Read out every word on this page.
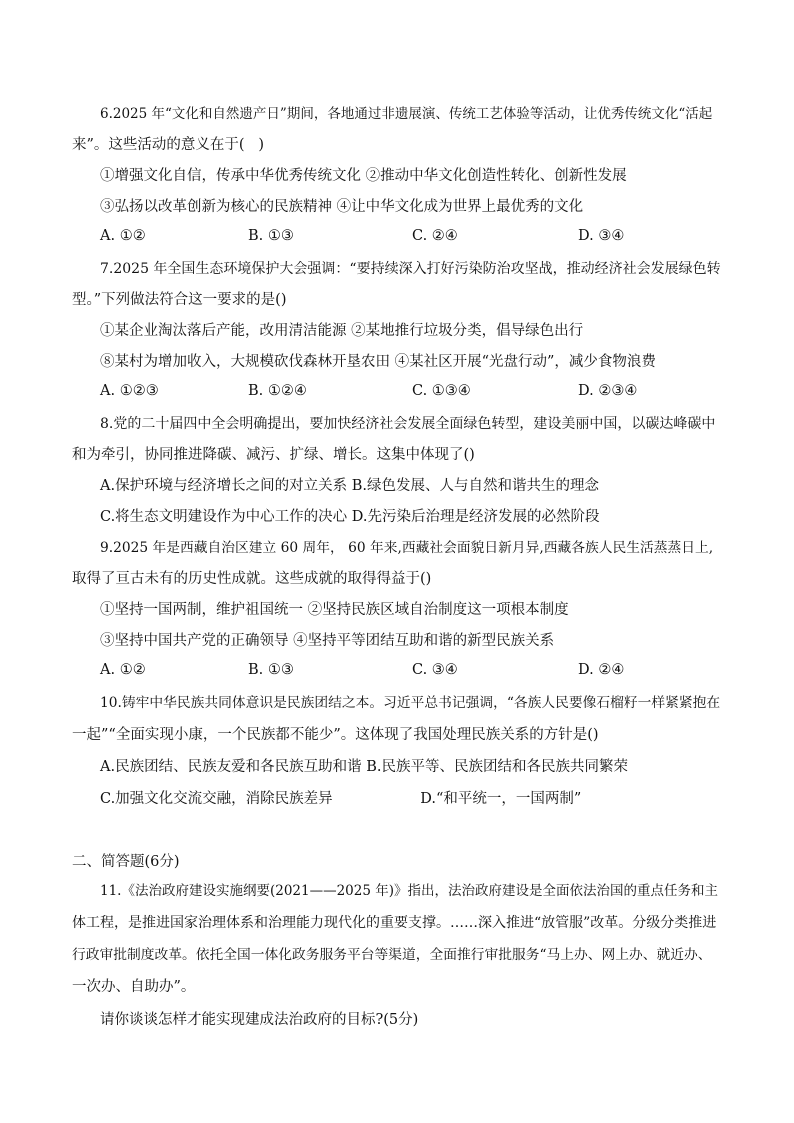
6.2025 年“文化和自然遗产日”期间，各地通过非遗展演、传统工艺体验等活动，让优秀传统文化“活起
来”。这些活动的意义在于(   )
①增强文化自信，传承中华优秀传统文化 ②推动中华文化创造性转化、创新性发展
③弘扬以改革创新为核心的民族精神 ④让中华文化成为世界上最优秀的文化
A. ①②	B. ①③	C. ②④	D. ③④
7.2025 年全国生态环境保护大会强调：“要持续深入打好污染防治攻坚战，推动经济社会发展绿色转
型。”下列做法符合这一要求的是()
①某企业淘汰落后产能，改用清洁能源 ②某地推行垃圾分类，倡导绿色出行
⑧某村为增加收入，大规模砍伐森林开垦农田 ④某社区开展“光盘行动”，减少食物浪费
A. ①②③	B. ①②④	C. ①③④	D. ②③④
8.党的二十届四中全会明确提出，要加快经济社会发展全面绿色转型，建设美丽中国，以碳达峰碳中
和为牵引，协同推进降碳、减污、扩绿、增长。这集中体现了()
A.保护环境与经济增长之间的对立关系 B.绿色发展、人与自然和谐共生的理念
C.将生态文明建设作为中心工作的决心 D.先污染后治理是经济发展的必然阶段
9.2025 年是西藏自治区建立 60 周年， 60 年来,西藏社会面貌日新月异,西藏各族人民生活蒸蒸日上,
取得了亘古未有的历史性成就。这些成就的取得得益于()
①坚持一国两制，维护祖国统一 ②坚持民族区域自治制度这一项根本制度
③坚持中国共产党的正确领导 ④坚持平等团结互助和谐的新型民族关系
A. ①②	B. ①③	C. ③④	D. ②④
10.铸牢中华民族共同体意识是民族团结之本。习近平总书记强调，“各族人民要像石榴籽一样紧紧抱在
一起”“全面实现小康，一个民族都不能少”。这体现了我国处理民族关系的方针是()
A.民族团结、民族友爱和各民族互助和谐 B.民族平等、民族团结和各民族共同繁荣
C.加强文化交流交融，消除民族差异                   D.“和平统一，一国两制”
二、简答题(6分)
11.《法治政府建设实施纲要(2021——2025 年)》指出，法治政府建设是全面依法治国的重点任务和主
体工程，是推进国家治理体系和治理能力现代化的重要支撑。……深入推进“放管服”改革。分级分类推进
行政审批制度改革。依托全国一体化政务服务平台等渠道，全面推行审批服务“马上办、网上办、就近办、
一次办、自助办”。
请你谈谈怎样才能实现建成法治政府的目标?(5分)
